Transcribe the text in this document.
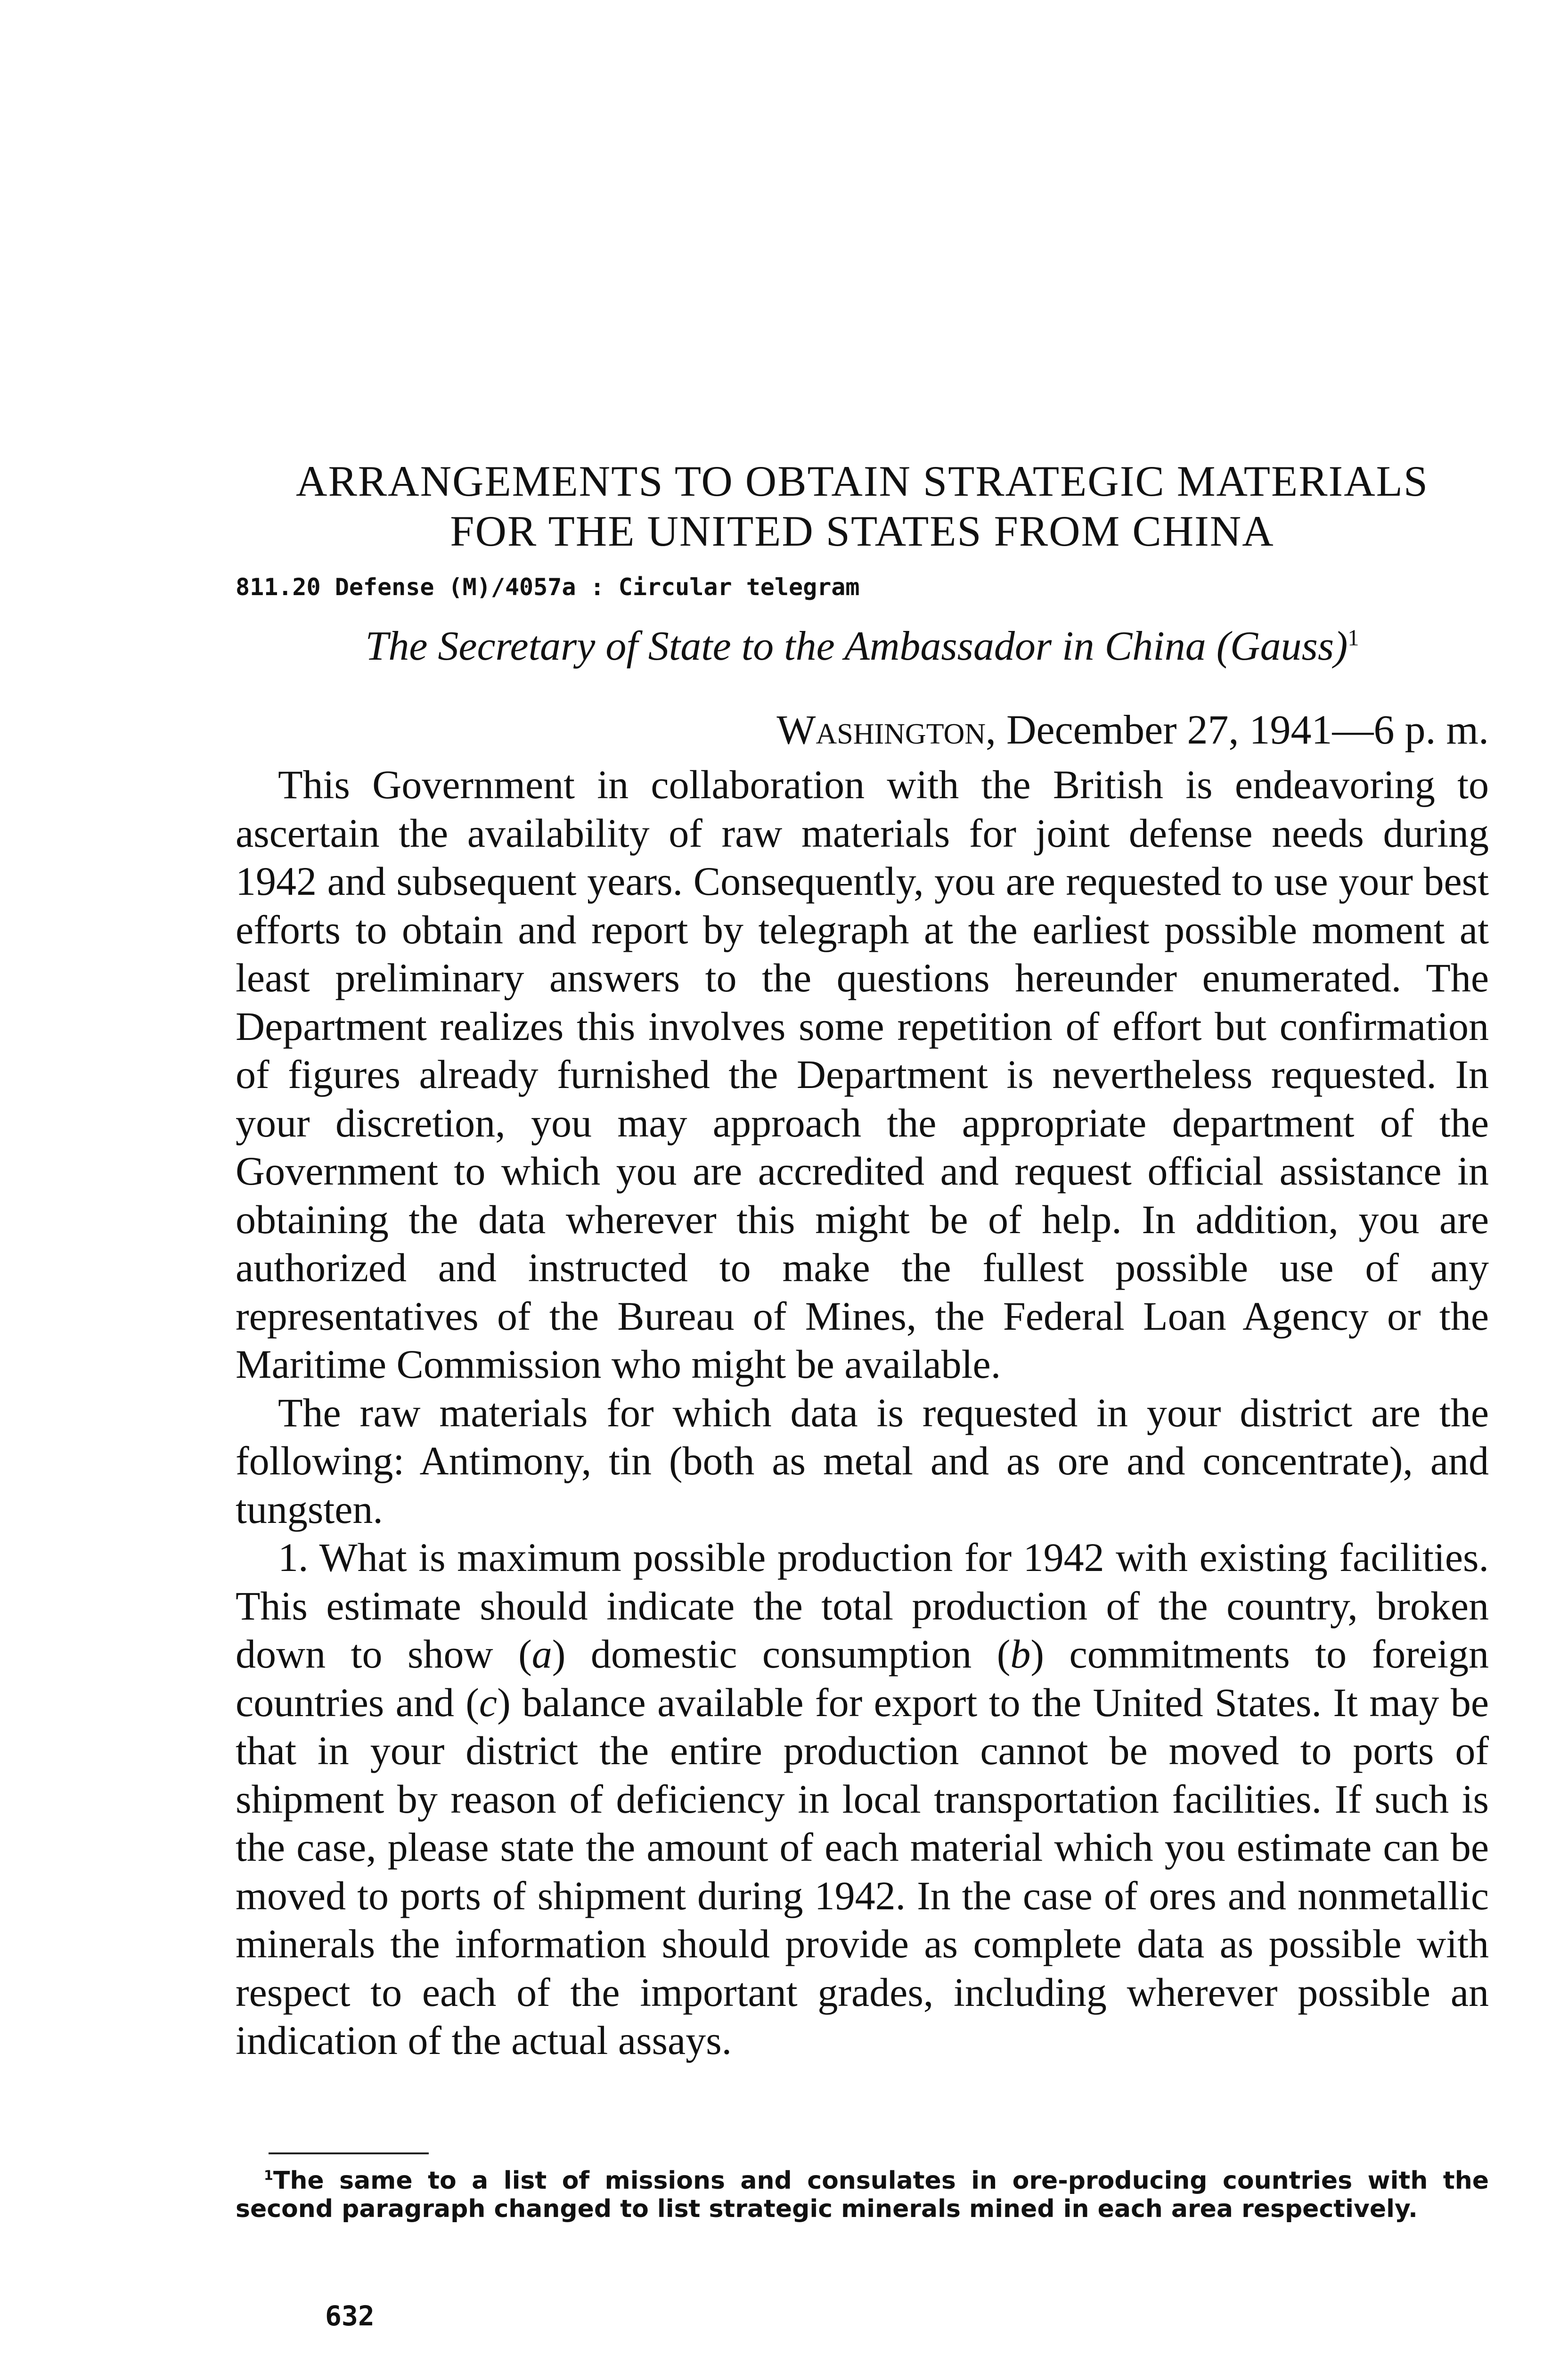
ARRANGEMENTS TO OBTAIN STRATEGIC MATERIALS
FOR THE UNITED STATES FROM CHINA
811.20 Defense (M)/4057a : Circular telegram
The Secretary of State to the Ambassador in China (Gauss)$^1$
Washington, December 27, 1941—6 p. m.

This Government in collaboration with the British is endeavoring to ascertain the availability of raw materials for joint defense needs during 1942 and subsequent years. Consequently, you are requested to use your best efforts to obtain and report by telegraph at the earliest possible moment at least preliminary answers to the questions hereunder enumerated. The Department realizes this involves some repetition of effort but confirmation of figures already furnished the Department is nevertheless requested. In your discretion, you may approach the appropriate department of the Government to which you are accredited and request official assistance in obtaining the data wherever this might be of help. In addition, you are authorized and instructed to make the fullest possible use of any representatives of the Bureau of Mines, the Federal Loan Agency or the Maritime Commission who might be available.

The raw materials for which data is requested in your district are the following: Antimony, tin (both as metal and as ore and concentrate), and tungsten.

1. What is maximum possible production for 1942 with existing facilities. This estimate should indicate the total production of the country, broken down to show (a) domestic consumption (b) commitments to foreign countries and (c) balance available for export to the United States. It may be that in your district the entire production cannot be moved to ports of shipment by reason of deficiency in local transportation facilities. If such is the case, please state the amount of each material which you estimate can be moved to ports of shipment during 1942. In the case of ores and nonmetallic minerals the information should provide as complete data as possible with respect to each of the important grades, including wherever possible an indication of the actual assays.

$^1$The same to a list of missions and consulates in ore-producing countries with the second paragraph changed to list strategic minerals mined in each area respectively.

632
